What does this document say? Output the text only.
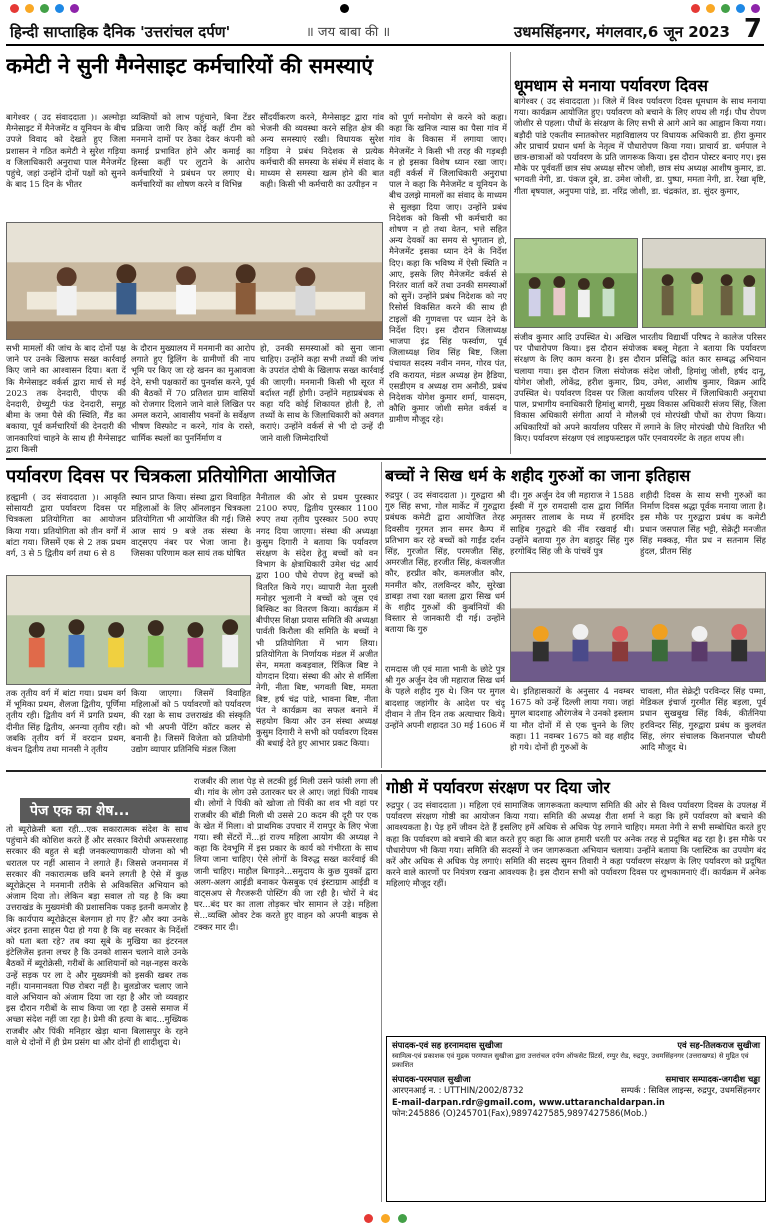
हिन्दी साप्ताहिक दैनिक 'उत्तरांचल दर्पण'	॥ जय बाबा की ॥	उधमसिंहनगर, मंगलवार,6 जून 2023 7
कमेटी ने सुनी मैग्नेसाइट कर्मचारियों की समस्याएं
बागेश्वर ( उद संवाददाता )। अल्मोड़ा मैग्नेसाइट में मैनेजमेंट व यूनियन के बीच उपजे विवाद को देखते हुए जिला प्रशासन ने गठित कमेटी ने सुरेश गड़िया व जिलाधिकारी अनुराधा पाल मैनेजमेंट पहुंचे, जहां उन्होंने दोनों पक्षों को सुनने के बाद 15 दिन के भीतर
व्यक्तियों को लाभ पहुंचाने, बिना टेंडर प्रक्रिया जारी किए कोई कहीं टीम को मनमाने दामों पर ठेका देकर कंपनी को कमाई प्रभावित होने और कमाई का हिस्सा कहीं पर लुटाने के आरोप कर्मचारियों ने प्रबंधन पर लगाए थे। कर्मचारियों का शोषण करने व विभिन्न
सौंदर्यीकरण करने, मैग्नेसाइट द्वारा गांव भेजनी की व्यवस्था करने सहित क्षेत्र की अन्य समस्याएं रखी। विधायक सुरेश गड़िया ने प्रबंध निदेशक से प्रत्येक कर्मचारी की समस्या के संबंध में संवाद के माध्यम से समस्या खत्म होने की बात कही। किसी भी कर्मचारी का उत्पीड़न न
सभी मामलों की जांच के बाद दोनों पक्ष जाने पर उनके खिलाफ सख्त कार्रवाई किए जाने का आश्वासन दिया। बता दें कि मैग्नेसाइट वर्कर्स द्वारा मार्च से मई 2023 तक देनदारी, पीएफ की देनदारी, ग्रेच्युटी फंड देनदारी, समूह बीमा के जमा पैसे की स्थिति, मैंड का बकाया, पूर्व कर्मचारियों की देनदारी की जानकारियां चाहने के साथ ही मैग्नेसाइट द्वारा किसी
के दौरान मुख्यालय में मनमानी का आरोप लगाते हुए ड्रिलिंग के ग्रामीणों की नाप भूमि पर किए जा रहे खनन का मुआवजा देने, सभी पक्षकारों का पुनर्वास करने, पूर्व की बैठकों में 70 प्रतिशत ग्राम वासियों को रोजगार दिलाने जाने वाले लिखित पर अमल कराने, आवासीय भवनों के सर्वेक्षण भीषण विस्फोट न करने, गांव के रास्ते, धार्मिक स्थलों का पुनर्निर्माण व
हो, उनकी समस्याओं को सुना जाना चाहिए। उन्होंने कहा सभी तथ्यों की जांच के उपरांत दोषी के खिलाफ सख्त कार्रवाई की जाएगी। मनमानी किसी भी सूरत में बर्दाश्त नहीं होगी। उन्होंने महाप्रबंधक से कहा यदि कोई शिकायत होती है, तो तथ्यों के साथ के जिलाधिकारी को अवगत कराएं। उन्होंने वर्कर्स से भी दो उन्हें दी जाने वाली जिम्मेदारियों
को पूर्ण मनोयोग से करने को कहा। कहा कि खनिज न्यास का पैसा गांव में गांव के विकास में लगाया जाए। मैनेजमेंट ने किसी भी तरह की गड़बड़ी न हो इसका विशेष ध्यान रखा जाए। वहीं वर्कर्स में जिलाधिकारी अनुराधा पाल ने कहा कि मैनेजमेंट व यूनियन के बीच उलझे मामलों का संवाद के माध्यम से सुलझा दिया जाए। उन्होंने प्रबंध निदेशक को किसी भी कर्मचारी का शोषण न हो तथा वेतन, भत्ते सहित अन्य देयकों का समय से भुगतान हो, मैनेजमेंट इसका ध्यान देने के निर्देश दिए। कहा कि भविष्य में ऐसी स्थिति न आए, इसके लिए मैनेजमेंट वर्कर्स से निरंतर वार्ता करें तथा उनकी समस्याओं को सुनें। उन्होंने प्रबंध निदेशक को नए रिसोर्स विकसित करने की साथ ही टाइलों की गुणवत्ता पर ध्यान देने के निर्देश दिए। इस दौरान जिलाध्यक्ष भाजपा इंद्र सिंह फर्स्वाण, पूर्व जिलाध्यक्ष शिव सिंह बिष्ट, जिला पंचायत सदस्य नवीन नमन, गोरव पंत, रवि करायत, मंडल अध्यक्ष हेम हैडिया, एसडीएम व अध्यक्ष राम अनौठी, प्रबंध निदेशक योगेश कुमार शर्मा, यासदम, कौशि कुमार जोशी समेत वर्कर्स व ग्रामीण मौजूद रहे।
धूमधाम से मनाया पर्यावरण दिवस
बागेश्वर ( उद संवाददाता )। जिले में विश्व पर्यावरण दिवस धूमधाम के साथ मनाया गया। कार्यक्रम आयोजित हुए। पर्यावरण को बचाने के लिए शपथ ली गई। पौध रोपण जोशीर से पहला। पौधों के संरक्षण के लिए सभी से आगे आने का आह्वान किया गया। बड़ौदी पांडे एकतीव स्नातकोत्तर महाविद्यालय पर विधायक अधिकारी डा. हीरा कुमार और प्राचार्य प्रधान धर्मा के नेतृत्व में पौधारोपण किया गया। प्राचार्य डा. धर्मपाल ने छात्र-छात्राओं को पर्यावरण के प्रति जागरूक किया। इस दौरान पोस्टर बनाए गए। इस मौके पर पूर्ववर्ती छात्र संघ अध्यक्ष सौरभ जोशी, छात्र संघ अध्यक्ष आशीष कुमार, डा. भगवती नेगी, डा. पंकज दुबे, डा. उमेश जोशी, डा. पुष्पा, ममता नेगी, डा. रेखा बृष्टि, गीता बृषयाल, अनुपमा पांडे, डा. नरिंद्र जोशी, डा. चंद्रकांत, डा. सुंदर कुमार,
संजीव कुमार आदि उपस्थित थे। अखिल भारतीय विद्यार्थी परिषद ने कालेज परिसर पर पौधारोपण किया। इस दौरान संयोजक बबलू मेहता ने बताया कि पर्यावरण संरक्षण के लिए काम करना है। इस दौरान प्रसिद्धि कांत कार सम्बद्ध अभियान चलाया गया। इस दौरान जिला संयोजक संदेश जोशी, हिमांशु जोशी, हर्षद दानू, योगेश जोशी, लोकेंद्र, हरीश कुमार, प्रिय, उमेश, आशीष कुमार, विक्रम आदि उपस्थित थे। पर्यावरण दिवस पर जिला कार्यालय परिसर में जिलाधिकारी अनुराधा पाल, प्रभागीय वनाधिकारी हिमांशु बागरी, मुख्य विकास अधिकारी संजय सिंह, जिला विकास अधिकारी संगीता आर्या ने मौलश्री एवं मोरपंखी पौधों का रोपण किया। अधिकारियों को अपने कार्यालय परिसर में लगाने के लिए मोरपंखी पौधे वितरित भी किए। पर्यावरण संरक्षण एवं लाइफस्टाइल फॉर एनवायरमेंट के तहत शपथ ली।
पर्यावरण दिवस पर चित्रकला प्रतियोगिता आयोजित
हल्द्वानी ( उद संवाददाता )। आकृति सोसायटी द्वारा पर्यावरण दिवस पर चित्रकला प्रतियोगिता का आयोजन किया गया। प्रतियोगिता को तीन वर्गों में बांटा गया। जिसमें एक से 2 तक प्रथम वर्ग, 3 से 5 द्वितीय वर्ग तथा 6 से 8
स्थान प्राप्त किया। संस्था द्वारा विवाहित महिलाओं के लिए ऑनलाइन चित्रकला प्रतियोगिता भी आयोजित की गई। जिसे आज सायं 9 बजे तक संस्था के वाट्सएप नंबर पर भेजा जाना है। जिसका परिणाम कल सायं तक घोषित
तक तृतीय वर्ग में बांटा गया। प्रथम वर्ग में भूमिका प्रथम, शैलजा द्वितीय, पूर्णिमा तृतीय रही। द्वितीय वर्ग में प्रगति प्रथम, दीनीत सिंह द्वितीय, अनन्या तृतीय रही। जबकि तृतीय वर्ग में वरदान प्रथम, कंचन द्वितीय तथा मानसी ने तृतीय
किया जाएगा। जिसमें विवाहित महिलाओं को 5 पर्यावरणों को पर्यावरण की रक्षा के साथ उत्तराखंड की संस्कृति को भी अपनी पेंटिंग कॉटर कलर से बनानी है। जिसमें विजेता को प्रतियोगी उद्योग व्यापार प्रतिनिधि मंडल जिला
नैनीताल की ओर से प्रथम पुरस्कार 2100 रुपए, द्वितीय पुरस्कार 1100 रुपए तथा तृतीय पुरस्कार 500 रुपए नगद दिया जाएगा। संस्था की अध्यक्षा कुसुम दिगारी ने बताया कि पर्यावरण संरक्षण के संदेश हेतु बच्चों को वन विभाग के क्षेत्राधिकारी उमेश चंद्र आर्य द्वारा 100 पौधे रोपण हेतु बच्चों को वितरित किये गए। व्यापारी नेता मुरली मनोहर भुलानी ने बच्चों को जूस एवं बिस्किट का वितरण किया। कार्यक्रम में बीपीएस शिक्षा प्रयास समिति की अध्यक्षा पार्वती किरौला की समिति के बच्चों ने भी प्रतियोगिता में भाग लिया। प्रतियोगिता के निर्णायक मंडल में अजीत सेन, ममता कबड़वाल, रिंकिज बिष्ट ने योगदान दिया। संस्था की ओर से शर्मिला नेगी, नीता बिष्ट, भगवती बिष्ट, ममता बिष्ट, हर्ष चंद्र पांडे, भावना बिष्ट, नीता पंत ने कार्यक्रम का सफल बनाने में सहयोग किया और उन संस्था अध्यक्ष कुसुम दिगारी ने सभी को पर्यावरण दिवस की बधाई देते हुए आभार प्रकट किया।
बच्चों ने सिख धर्म के शहीद गुरुओं का जाना इतिहास
रुद्रपुर ( उद संवाददाता )। गुरुद्वारा श्री गुरु सिंह सभा, गोल मार्केट में गुरुद्वारा प्रबंधक कमेटी द्वारा आयोजित तेरह दिवसीय गुरमत ज्ञान समर कैम्प में प्रतिभाग कर रहे बच्चों को गाईड दर्शन सिंह, गुरजोत सिंह, परमजीत सिंह, अमरजीत सिंह, हरजीत सिंह, कंवलजीत कौर, हरप्रीत कौर, कमलजीत कौर, मनमीत कौर, तलविन्दर कौर, सुरेखा डाबड़ा तथा रक्षा बतला द्वारा सिख धर्म के शहीद गुरुओं की कुर्बानियों की विस्तार से जानकारी दी गई। उन्होंने बताया कि गुरु
दी। गुरु अर्जुन देव जी महाराज ने 1588 ईस्वी में गुरु रामदासी दास द्वारा निर्मित अमृतसर तालाब के मध्य में हरमंदिर साहिब गुरुद्वारे की नींव रखवाई थी। उन्होंने बताया गुरु तेग बहादुर सिंह गुरु हरगोबिंद सिंह जी के पांचवें पुत्र
शहीदी दिवस के साथ सभी गुरुओं का निर्माण दिवस श्रद्धा पूर्वक मनाया जाता है। इस मौके पर गुरुद्वारा प्रबंध क कमेटी प्रधान जसपाल सिंह भट्टी, सेक्रेट्री मनजीत सिंह मक्कड़, मीत प्रध न सतनाम सिंह हुंदल, प्रीतम सिंह
रामदास जी एवं माता भानी के छोटे पुत्र श्री गुरु अर्जुन देव जी महाराज सिख धर्म के पहले शहीद गुरु थे। जिन पर मुगल बादशाह जहांगीर के आदेश पर चंदू दीवान ने तीन दिन तक अत्याचार किये। उन्होंने अपनी शहादत 30 मई 1606 में
थे। इतिहासकारों के अनुसार 4 नवम्बर 1675 को उन्हें दिल्ली लाया गया। जहां मुगल बादशाह औरंगजेब ने उनको इस्लाम या मौत दोनों में से एक चुनने के लिए कहा। 11 नवम्बर 1675 को वह शहीद हो गये। दोनों ही गुरुओं के
चावला, मीत सेक्रेट्री परविन्दर सिंह पम्मा, मेडिकल इंचार्ज गुरमीत सिंह बड़ला, पूर्व प्रधान सुखबुख सिंह विर्क, कीर्तनिया हरविन्दर सिंह, गुरुद्वारा प्रबंध क कुलवंत सिंह, लंगर संचालक किशनपाल चौधरी आदि मौजूद थे।
पेज एक का शेष...
तो ब्यूरोक्रेसी बता रही...एक सकारात्मक संदेश के साथ पहुंचाने की कोशिश करते हैं और सरकार विरोधी अफसरशाह सरकार की बहुत से बड़ी जनकल्याणकारी योजना को भी धरातल पर नहीं आसान ने लगाते हैं। जिससे जनमानस में सरकार की नकारात्मक छवि बनने लगती है ऐसे में कुछ ब्यूरोक्रेट्स ने मनमानी तरीके से अविकसित अभियान को अंजाम दिया तो। लेकिन बड़ा सवाल तो यह है कि क्या उत्तराखंड के मुख्यमंत्री की प्रशासनिक पकड़ इतनी कमजोर है कि कार्यपाय ब्यूरोक्रेट्स बेलगाम हो गए हैं? और क्या उनके अंदर इतना साहस पैदा हो गया है कि वह सरकार के निर्देशों को धता बता रहे? तब क्या सूबे के मुखिया का इंटरनल इंटेलिजेंस इतना लचर है कि उनको शासन चलाने वाले उनके बैठकों में ब्यूरोक्रेसी, गरीबों के आशियानों को नक्ष-नहस करके उन्हें सड़क पर ला दे और मुख्यमंत्री को इसकी खबर तक नहीं। यानमानवता पिछ रोबरा नहीं है। बुलडोजर चलाए जाने वाले अभियान को अंजाम दिया जा रहा है और जो व्यवहार इस दौरान गरीबों के साथ किया जा रहा है उससे समाज में अच्छा संदेश नहीं जा रहा है। प्रेमी की हत्या के बाद...मुख्यिक राजबीर और पिंकी मनिहार खेड़ा थाना बिलासपुर के रहने वाले थे दोनों में ही प्रेम प्रसंग था और दोनों ही शादीशुदा थे।
राजबीर की लाश पेड़ से लटकी हुई मिली उसने फांसी लगा ली थी। गांव के लोग उसे उतारकर घर ले आए। जहां पिंकी गायब थी। लोगों ने पिंकी को खोजा तो पिंकी का शव भी वहां पर राजबीर की बॉडी मिली थी उससे 20 कदम की दूरी पर एक के खेत में मिला। वो प्राथमिक उपचार में रामपुर के लिए भेजा गया। स्त्री सेंटरों में...हां राज्य महिला आयोग की अध्यक्ष ने कहा कि देवभूमि में इस प्रकार के कार्य को गंभीरता के साथ लिया जाना चाहिए। ऐसे लोगों के विरुद्ध सख्त कार्रवाई की जानी चाहिए। माहौल बिगाड़ने...समुदाय के कुछ युवकों द्वारा अलग-अलग आईडी बनाकर फेसबुक एवं इंस्टाग्राम आईडी व वाट्सअप से गैरजरूरी पोस्टिंग की जा रही है। चोरों ने बंद घर...बंद घर का ताला तोड़कर चोर सामान ले उड़े। महिला से...व्यक्ति ओवर टेक करते हुए वाहन को अपनी बाइक से टक्कर मार दी।
गोष्ठी में पर्यावरण संरक्षण पर दिया जोर
रुद्रपुर ( उद संवाददाता )। महिला एवं सामाजिक जागरूकता कल्याण समिति की ओर से विश्व पर्यावरण दिवस के उपलक्ष में पर्यावरण संरक्षण गोष्ठी का आयोजन किया गया। समिति की अध्यक्ष रीता शर्मा ने कहा कि हमें पर्यावरण को बचाने की आवश्यकता है। पेड़ हमें जीवन देते हैं इसलिए हमें अधिक से अधिक पेड़ लगाने चाहिए। ममता नेगी ने सभी सम्बोधित करते हुए कहा कि पर्यावरण को बचाने की बात करते हुए कहा कि आज हमारी धरती पर अनेक तरह से प्रदूषित बढ़ रहा है। इस मौके पर पौधारोपण भी किया गया। समिति की सदस्यों ने जन जागरूकता अभियान चलाया। उन्होंने बताया कि प्लास्टिक का उपयोग बंद करें और अधिक से अधिक पेड़ लगाएं। समिति की सदस्य सुमन तिवारी ने कहा पर्यावरण संरक्षण के लिए पर्यावरण को प्रदूषित करने वाले कारणों पर नियंत्रण रखना आवश्यक है। इस दौरान सभी को पर्यावरण दिवस पर शुभकामनाएं दीं। कार्यक्रम में अनेक महिलाएं मौजूद रहीं।
संपादक-एवं सह हरनामदास सुखीजा	एवं सह-तिलकराज सुखीजा
स्वामित्व-एवं प्रकाशक एवं मुद्रक परमपाल सुखीजा द्वारा उत्तरांचल दर्पण ऑफसेट प्रिंटर्स, रम्पुर रोड, रुद्रपुर, उधमसिंहनगर (उत्तराखण्ड) से मुद्रित एवं प्रकाशित
संपादक-परमपाल सुखीजा	समाचार सम्पादक-जगदीश चड्ढा
आरएनआई न. : UTTHIN/2002/8732	सम्पर्क : सिविल लाइन्स, रुद्रपुर, उधमसिंहनगर
E-mail-darpan.rdr@gmail.com, www.uttaranchaldarpan.in
फोन:245886 (O)245701(Fax),9897427585,9897427586(Mob.)
